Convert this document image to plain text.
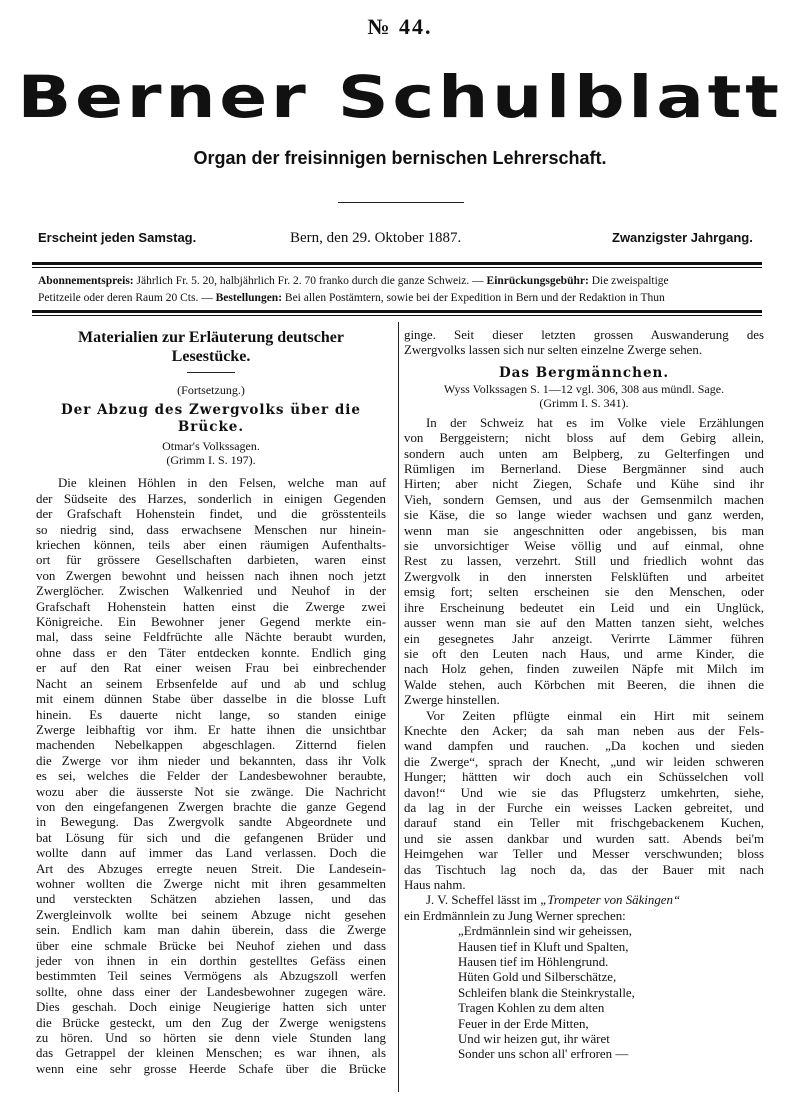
№ 44.
Berner Schulblatt
Organ der freisinnigen bernischen Lehrerschaft.
Erscheint jeden Samstag.	Bern, den 29. Oktober 1887.	Zwanzigster Jahrgang.
Abonnementspreis: Jährlich Fr. 5. 20, halbjährlich Fr. 2. 70 franko durch die ganze Schweiz. — Einrückungsgebühr: Die zweispaltige
Petitzeile oder deren Raum 20 Cts. — Bestellungen: Bei allen Postämtern, sowie bei der Expedition in Bern und der Redaktion in Thun
Materialien zur Erläuterung deutscher
Lesestücke.
(Fortsetzung.)
Der Abzug des Zwergvolks über die
Brücke.
Otmar's Volkssagen.
(Grimm I. S. 197).
Die kleinen Höhlen in den Felsen, welche man auf
der Südseite des Harzes, sonderlich in einigen Gegenden
der Grafschaft Hohenstein findet, und die grösstenteils
so niedrig sind, dass erwachsene Menschen nur hinein-
kriechen können, teils aber einen räumigen Aufenthalts-
ort für grössere Gesellschaften darbieten, waren einst
von Zwergen bewohnt und heissen nach ihnen noch jetzt
Zwerglöcher. Zwischen Walkenried und Neuhof in der
Grafschaft Hohenstein hatten einst die Zwerge zwei
Königreiche. Ein Bewohner jener Gegend merkte ein-
mal, dass seine Feldfrüchte alle Nächte beraubt wurden,
ohne dass er den Täter entdecken konnte. Endlich ging
er auf den Rat einer weisen Frau bei einbrechender
Nacht an seinem Erbsenfelde auf und ab und schlug
mit einem dünnen Stabe über dasselbe in die blosse Luft
hinein. Es dauerte nicht lange, so standen einige
Zwerge leibhaftig vor ihm. Er hatte ihnen die unsichtbar
machenden Nebelkappen abgeschlagen. Zitternd fielen
die Zwerge vor ihm nieder und bekannten, dass ihr Volk
es sei, welches die Felder der Landesbewohner beraubte,
wozu aber die äusserste Not sie zwänge. Die Nachricht
von den eingefangenen Zwergen brachte die ganze Gegend
in Bewegung. Das Zwergvolk sandte Abgeordnete und
bat Lösung für sich und die gefangenen Brüder und
wollte dann auf immer das Land verlassen. Doch die
Art des Abzuges erregte neuen Streit. Die Landesein-
wohner wollten die Zwerge nicht mit ihren gesammelten
und versteckten Schätzen abziehen lassen, und das
Zwergleinvolk wollte bei seinem Abzuge nicht gesehen
sein. Endlich kam man dahin überein, dass die Zwerge
über eine schmale Brücke bei Neuhof ziehen und dass
jeder von ihnen in ein dorthin gestelltes Gefäss einen
bestimmten Teil seines Vermögens als Abzugszoll werfen
sollte, ohne dass einer der Landesbewohner zugegen wäre.
Dies geschah. Doch einige Neugierige hatten sich unter
die Brücke gesteckt, um den Zug der Zwerge wenigstens
zu hören. Und so hörten sie denn viele Stunden lang
das Getrappel der kleinen Menschen; es war ihnen, als
wenn eine sehr grosse Heerde Schafe über die Brücke
ginge. Seit dieser letzten grossen Auswanderung des
Zwergvolks lassen sich nur selten einzelne Zwerge sehen.
Das Bergmännchen.
Wyss Volkssagen S. 1—12 vgl. 306, 308 aus mündl. Sage.
(Grimm I. S. 341).
In der Schweiz hat es im Volke viele Erzählungen
von Berggeistern; nicht bloss auf dem Gebirg allein,
sondern auch unten am Belpberg, zu Gelterfingen und
Rümligen im Bernerland. Diese Bergmänner sind auch
Hirten; aber nicht Ziegen, Schafe und Kühe sind ihr
Vieh, sondern Gemsen, und aus der Gemsenmilch machen
sie Käse, die so lange wieder wachsen und ganz werden,
wenn man sie angeschnitten oder angebissen, bis man
sie unvorsichtiger Weise völlig und auf einmal, ohne
Rest zu lassen, verzehrt. Still und friedlich wohnt das
Zwergvolk in den innersten Felsklüften und arbeitet
emsig fort; selten erscheinen sie den Menschen, oder
ihre Erscheinung bedeutet ein Leid und ein Unglück,
ausser wenn man sie auf den Matten tanzen sieht, welches
ein gesegnetes Jahr anzeigt. Verirrte Lämmer führen
sie oft den Leuten nach Haus, und arme Kinder, die
nach Holz gehen, finden zuweilen Näpfe mit Milch im
Walde stehen, auch Körbchen mit Beeren, die ihnen die
Zwerge hinstellen.
Vor Zeiten pflügte einmal ein Hirt mit seinem
Knechte den Acker; da sah man neben aus der Fels-
wand dampfen und rauchen. „Da kochen und sieden
die Zwerge“, sprach der Knecht, „und wir leiden schweren
Hunger; hättten wir doch auch ein Schüsselchen voll
davon!“ Und wie sie das Pflugsterz umkehrten, siehe,
da lag in der Furche ein weisses Lacken gebreitet, und
darauf stand ein Teller mit frischgebackenem Kuchen,
und sie assen dankbar und wurden satt. Abends bei'm
Heimgehen war Teller und Messer verschwunden; bloss
das Tischtuch lag noch da, das der Bauer mit nach
Haus nahm.
J. V. Scheffel lässt im „Trompeter von Säkingen“
ein Erdmännlein zu Jung Werner sprechen:
„Erdmännlein sind wir geheissen,
Hausen tief in Kluft und Spalten,
Hausen tief im Höhlengrund.
Hüten Gold und Silberschätze,
Schleifen blank die Steinkrystalle,
Tragen Kohlen zu dem alten
Feuer in der Erde Mitten,
Und wir heizen gut, ihr wäret
Sonder uns schon all' erfroren —
